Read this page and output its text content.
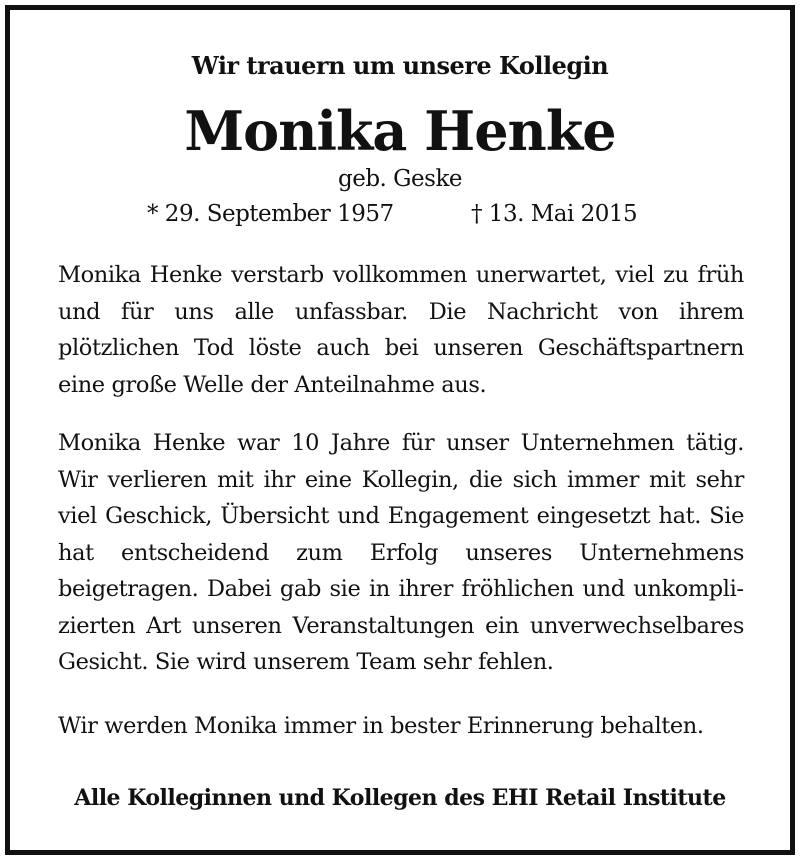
Wir trauern um unsere Kollegin
Monika Henke
geb. Geske
* 29. September 1957	† 13. Mai 2015

Monika Henke verstarb vollkommen unerwartet, viel zu früh und für uns alle unfassbar. Die Nachricht von ihrem plötzlichen Tod löste auch bei unseren Geschäftspartnern eine große Welle der Anteilnahme aus.

Monika Henke war 10 Jahre für unser Unternehmen tätig. Wir verlieren mit ihr eine Kollegin, die sich immer mit sehr viel Geschick, Übersicht und Engagement eingesetzt hat. Sie hat entscheidend zum Erfolg unseres Unternehmens beigetragen. Dabei gab sie in ihrer fröhlichen und unkomplizierten Art unseren Veranstaltungen ein unverwechselbares Gesicht. Sie wird unserem Team sehr fehlen.

Wir werden Monika immer in bester Erinnerung behalten.

Alle Kolleginnen und Kollegen des EHI Retail Institute
